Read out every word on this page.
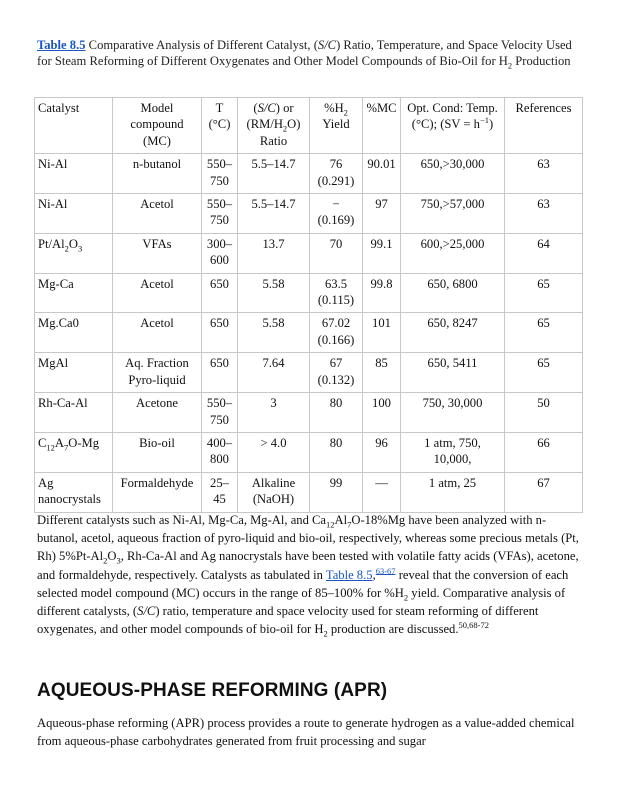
Table 8.5 Comparative Analysis of Different Catalyst, (S/C) Ratio, Temperature, and Space Velocity Used for Steam Reforming of Different Oxygenates and Other Model Compounds of Bio-Oil for $H_2$ Production
Catalyst	Model compound (MC)	T (°C)	(S/C) or $(RM/H_2O)$ Ratio	$\%H_2$ Yield	%MC	Opt. Cond: Temp. (°C); $(SV = h^{-1})$	References
Ni-Al	n-butanol	550–750	5.5–14.7	76 (0.291)	90.01	650,>30,000	63
Ni-Al	Acetol	550–750	5.5–14.7	− (0.169)	97	750,>57,000	63
$Pt/Al_2O_3$	VFAs	300–600	13.7	70	99.1	600,>25,000	64
Mg-Ca	Acetol	650	5.58	63.5 (0.115)	99.8	650, 6800	65
Mg.Ca0	Acetol	650	5.58	67.02 (0.166)	101	650, 8247	65
MgAl	Aq. Fraction Pyro-liquid	650	7.64	67 (0.132)	85	650, 5411	65
Rh-Ca-Al	Acetone	550–750	3	80	100	750, 30,000	50
$C_{12}A_7O-Mg$	Bio-oil	400–800	> 4.0	80	96	1 atm, 750, 10,000,	66
Ag nanocrystals	Formaldehyde	25–45	Alkaline (NaOH)	99	—	1 atm, 25	67
Different catalysts such as Ni-Al, Mg-Ca, Mg-Al, and $Ca_{12}Al_7O-18\%Mg$ have been analyzed with n-butanol, acetol, aqueous fraction of pyro-liquid and bio-oil, respectively, whereas some precious metals (Pt, Rh) $5\%Pt-Al_2O_3$, Rh-Ca-Al and Ag nanocrystals have been tested with volatile fatty acids (VFAs), acetone, and formaldehyde, respectively. Catalysts as tabulated in Table 8.5,$^{63-67}$ reveal that the conversion of each selected model compound (MC) occurs in the range of 85–100% for $\%H_2$ yield. Comparative analysis of different catalysts, (S/C) ratio, temperature and space velocity used for steam reforming of different oxygenates, and other model compounds of bio-oil for $H_2$ production are discussed.$^{50,68-72}$
AQUEOUS-PHASE REFORMING (APR)
Aqueous-phase reforming (APR) process provides a route to generate hydrogen as a value-added chemical from aqueous-phase carbohydrates generated from fruit processing and sugar
